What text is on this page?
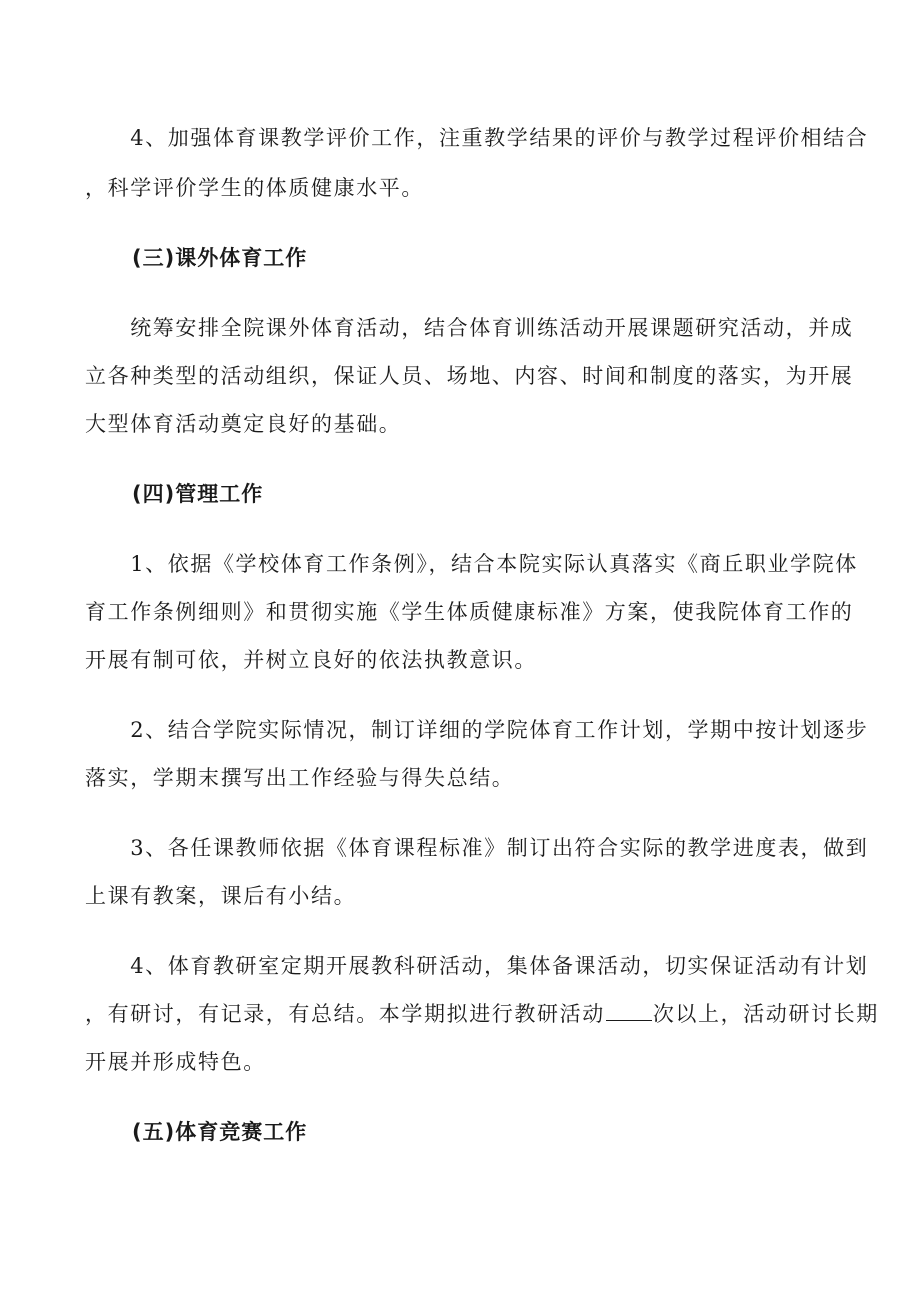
　　4、加强体育课教学评价工作，注重教学结果的评价与教学过程评价相结合
，科学评价学生的体质健康水平。
(三)课外体育工作
　　统筹安排全院课外体育活动，结合体育训练活动开展课题研究活动，并成
立各种类型的活动组织，保证人员、场地、内容、时间和制度的落实，为开展
大型体育活动奠定良好的基础。
(四)管理工作
　　1、依据《学校体育工作条例》，结合本院实际认真落实《商丘职业学院体
育工作条例细则》和贯彻实施《学生体质健康标准》方案，使我院体育工作的
开展有制可依，并树立良好的依法执教意识。
　　2、结合学院实际情况，制订详细的学院体育工作计划，学期中按计划逐步
落实，学期末撰写出工作经验与得失总结。
　　3、各任课教师依据《体育课程标准》制订出符合实际的教学进度表，做到
上课有教案，课后有小结。
　　4、体育教研室定期开展教科研活动，集体备课活动，切实保证活动有计划
，有研讨，有记录，有总结。本学期拟进行教研活动 次以上，活动研讨长期
开展并形成特色。
(五)体育竞赛工作
